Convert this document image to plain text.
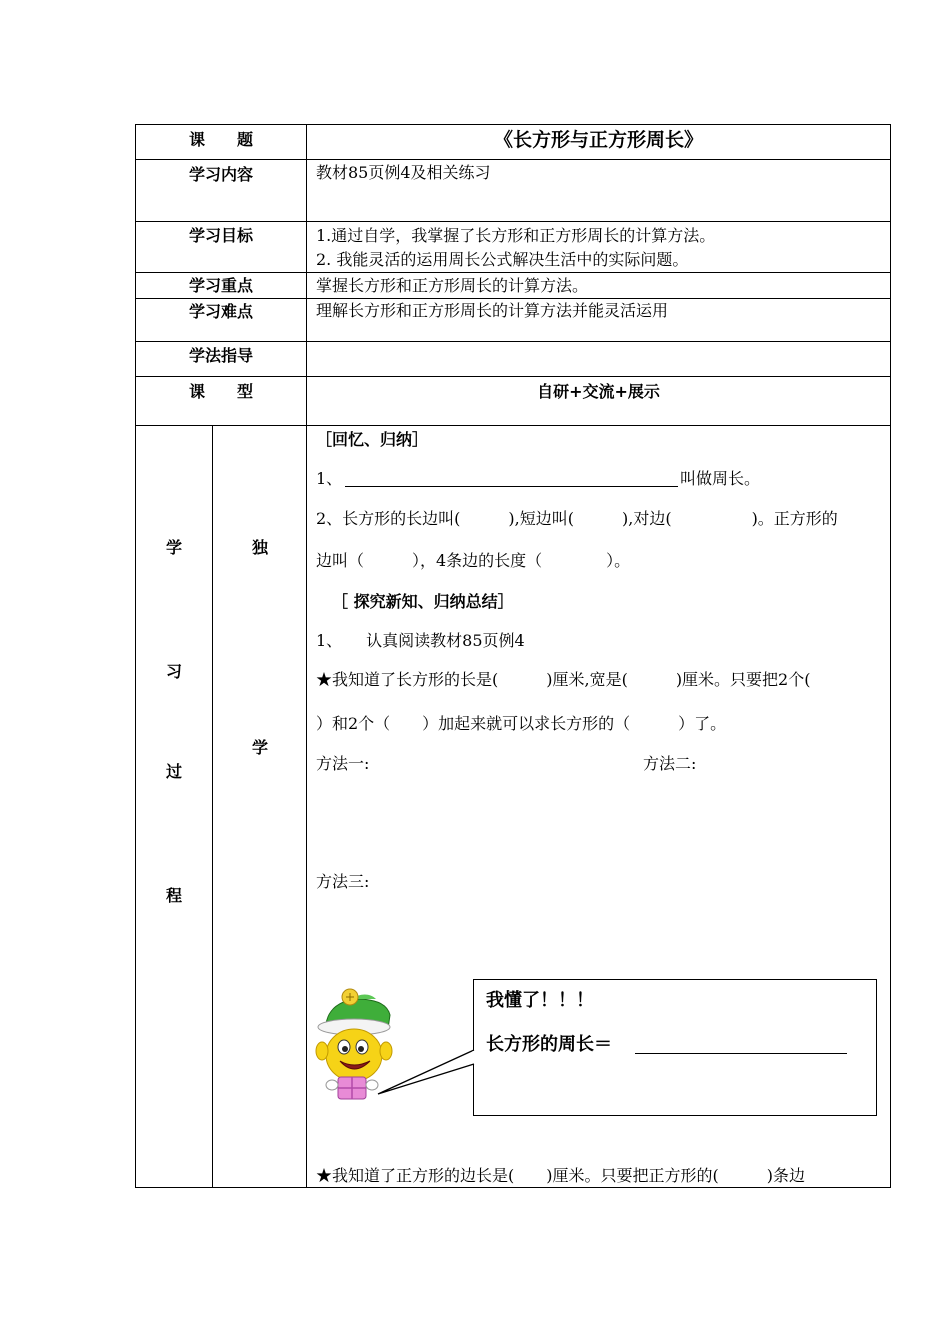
课　　题
学习内容
学习目标
学习重点
学习难点
学法指导
课　　型
《长方形与正方形周长》
教材85页例4及相关练习
1.通过自学，我掌握了长方形和正方形周长的计算方法。
2. 我能灵活的运用周长公式解决生活中的实际问题。
掌握长方形和正方形周长的计算方法。
理解长方形和正方形周长的计算方法并能灵活运用
自研+交流+展示
学
习
过
程
独
学
［回忆、归纳］
1、	叫做周长。
2、长方形的长边叫(　　　),短边叫(　　　),对边(　　　　　)。正方形的
边叫（　　　），4条边的长度（　　　　）。
［ 探究新知、归纳总结］
1、　　认真阅读教材85页例4
★我知道了长方形的长是(　　　)厘米,宽是(　　　)厘米。只要把2个(
）和2个（　　）加起来就可以求长方形的（　　　）了。
方法一:	方法二:
方法三:
我懂了！！！
长方形的周长＝
★我知道了正方形的边长是(　　)厘米。只要把正方形的(　　　)条边
